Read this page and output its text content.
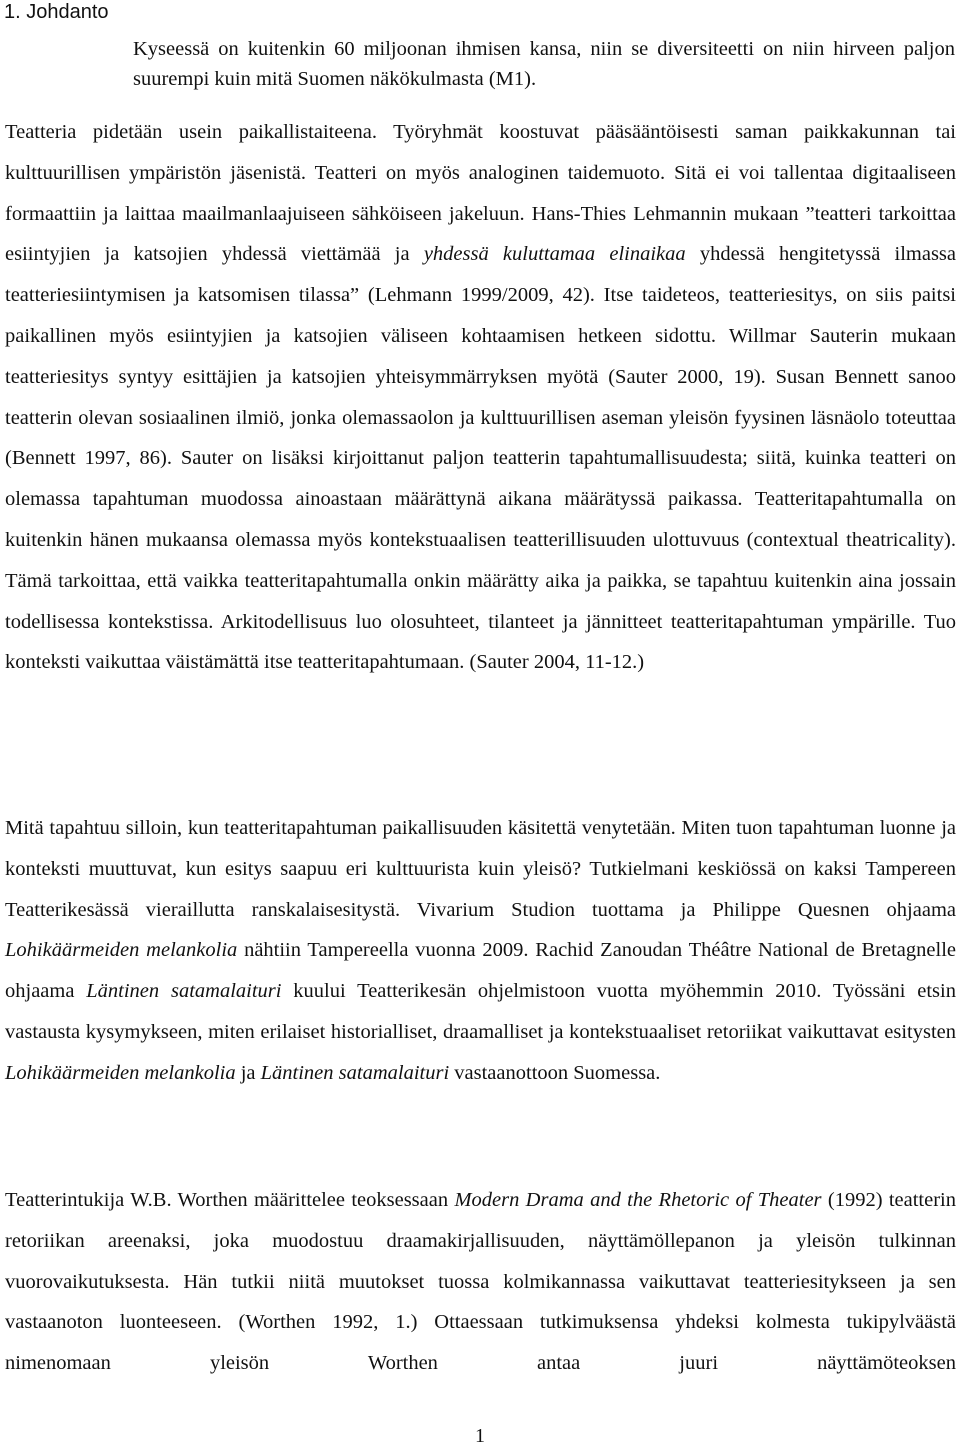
1. Johdanto
Kyseessä on kuitenkin 60 miljoonan ihmisen kansa, niin se diversiteetti on niin hirveen paljon suurempi kuin mitä Suomen näkökulmasta (M1).

Teatteria pidetään usein paikallistaiteena. Työryhmät koostuvat pääsääntöisesti saman paikkakunnan tai kulttuurillisen ympäristön jäsenistä. Teatteri on myös analoginen taidemuoto. Sitä ei voi tallentaa digitaaliseen formaattiin ja laittaa maailmanlaajuiseen sähköiseen jakeluun. Hans-Thies Lehmannin mukaan ”teatteri tarkoittaa esiintyjien ja katsojien yhdessä viettämää ja yhdessä kuluttamaa elinaikaa yhdessä hengitetyssä ilmassa teatteriesiintymisen ja katsomisen tilassa” (Lehmann 1999/2009, 42). Itse taideteos, teatteriesitys, on siis paitsi paikallinen myös esiintyjien ja katsojien väliseen kohtaamisen hetkeen sidottu. Willmar Sauterin mukaan teatteriesitys syntyy esittäjien ja katsojien yhteisymmärryksen myötä (Sauter 2000, 19). Susan Bennett sanoo teatterin olevan sosiaalinen ilmiö, jonka olemassaolon ja kulttuurillisen aseman yleisön fyysinen läsnäolo toteuttaa (Bennett 1997, 86). Sauter on lisäksi kirjoittanut paljon teatterin tapahtumallisuudesta; siitä, kuinka teatteri on olemassa tapahtuman muodossa ainoastaan määrättynä aikana määrätyssä paikassa. Teatteritapahtumalla on kuitenkin hänen mukaansa olemassa myös kontekstuaalisen teatterillisuuden ulottuvuus (contextual theatricality). Tämä tarkoittaa, että vaikka teatteritapahtumalla onkin määrätty aika ja paikka, se tapahtuu kuitenkin aina jossain todellisessa kontekstissa. Arkitodellisuus luo olosuhteet, tilanteet ja jännitteet teatteritapahtuman ympärille. Tuo konteksti vaikuttaa väistämättä itse teatteritapahtumaan. (Sauter 2004, 11-12.)

Mitä tapahtuu silloin, kun teatteritapahtuman paikallisuuden käsitettä venytetään. Miten tuon tapahtuman luonne ja konteksti muuttuvat, kun esitys saapuu eri kulttuurista kuin yleisö? Tutkielmani keskiössä on kaksi Tampereen Teatterikesässä vieraillutta ranskalaisesitystä. Vivarium Studion tuottama ja Philippe Quesnen ohjaama Lohikäärmeiden melankolia nähtiin Tampereella vuonna 2009. Rachid Zanoudan Théâtre National de Bretagnelle ohjaama Läntinen satamalaituri kuului Teatterikesän ohjelmistoon vuotta myöhemmin 2010. Työssäni etsin vastausta kysymykseen, miten erilaiset historialliset, draamalliset ja kontekstuaaliset retoriikat vaikuttavat esitysten Lohikäärmeiden melankolia ja Läntinen satamalaituri vastaanottoon Suomessa.

Teatterintukija W.B. Worthen määrittelee teoksessaan Modern Drama and the Rhetoric of Theater (1992) teatterin retoriikan areenaksi, joka muodostuu draamakirjallisuuden, näyttämöllepanon ja yleisön tulkinnan vuorovaikutuksesta. Hän tutkii niitä muutokset tuossa kolmikannassa vaikuttavat teatteriesitykseen ja sen vastaanoton luonteeseen. (Worthen 1992, 1.) Ottaessaan tutkimuksensa yhdeksi kolmesta tukipylväästä nimenomaan yleisön Worthen antaa juuri näyttämöteoksen

1
